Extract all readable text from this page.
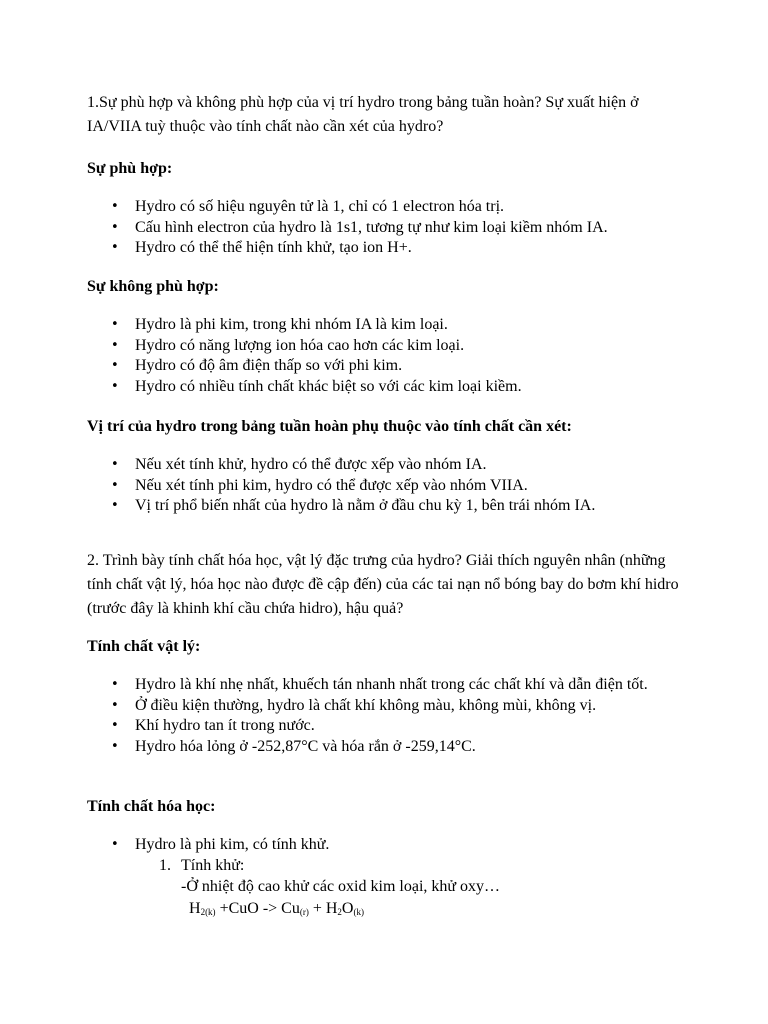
1.Sự phù hợp và không phù hợp của vị trí hydro trong bảng tuần hoàn? Sự xuất hiện ở IA/VIIA tuỳ thuộc vào tính chất nào cần xét của hydro?
Sự phù hợp:
• Hydro có số hiệu nguyên tử là 1, chỉ có 1 electron hóa trị.
• Cấu hình electron của hydro là 1s1, tương tự như kim loại kiềm nhóm IA.
• Hydro có thể thể hiện tính khử, tạo ion H+.
Sự không phù hợp:
• Hydro là phi kim, trong khi nhóm IA là kim loại.
• Hydro có năng lượng ion hóa cao hơn các kim loại.
• Hydro có độ âm điện thấp so với phi kim.
• Hydro có nhiều tính chất khác biệt so với các kim loại kiềm.
Vị trí của hydro trong bảng tuần hoàn phụ thuộc vào tính chất cần xét:
• Nếu xét tính khử, hydro có thể được xếp vào nhóm IA.
• Nếu xét tính phi kim, hydro có thể được xếp vào nhóm VIIA.
• Vị trí phổ biến nhất của hydro là nằm ở đầu chu kỳ 1, bên trái nhóm IA.
2. Trình bày tính chất hóa học, vật lý đặc trưng của hydro? Giải thích nguyên nhân (những tính chất vật lý, hóa học nào được đề cập đến) của các tai nạn nổ bóng bay do bơm khí hidro (trước đây là khinh khí cầu chứa hidro), hậu quả?
Tính chất vật lý:
• Hydro là khí nhẹ nhất, khuếch tán nhanh nhất trong các chất khí và dẫn điện tốt.
• Ở điều kiện thường, hydro là chất khí không màu, không mùi, không vị.
• Khí hydro tan ít trong nước.
• Hydro hóa lỏng ở -252,87°C và hóa rắn ở -259,14°C.
Tính chất hóa học:
• Hydro là phi kim, có tính khử.
1. Tính khử:
-Ở nhiệt độ cao khử các oxid kim loại, khử oxy…
H2(k) +CuO -> Cu(r) + H2O(k)
